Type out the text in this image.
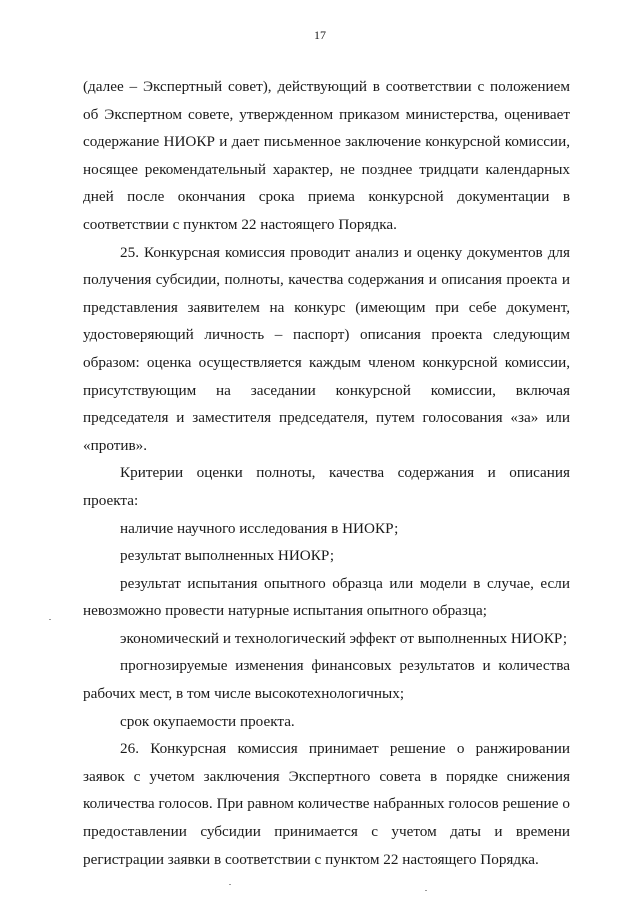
17

(далее – Экспертный совет), действующий в соответствии с положением об Экспертном совете, утвержденном приказом министерства, оценивает содержание НИОКР и дает письменное заключение конкурсной комиссии, носящее рекомендательный характер, не позднее тридцати календарных дней после окончания срока приема конкурсной документации в соответствии с пунктом 22 настоящего Порядка.

25. Конкурсная комиссия проводит анализ и оценку документов для получения субсидии, полноты, качества содержания и описания проекта и представления заявителем на конкурс (имеющим при себе документ, удостоверяющий личность – паспорт) описания проекта следующим образом: оценка осуществляется каждым членом конкурсной комиссии, присутствующим на заседании конкурсной комиссии, включая председателя и заместителя председателя, путем голосования «за» или «против».

Критерии оценки полноты, качества содержания и описания проекта:

наличие научного исследования в НИОКР;

результат выполненных НИОКР;

результат испытания опытного образца или модели в случае, если невозможно провести натурные испытания опытного образца;

экономический и технологический эффект от выполненных НИОКР;

прогнозируемые изменения финансовых результатов и количества рабочих мест, в том числе высокотехнологичных;

срок окупаемости проекта.

26. Конкурсная комиссия принимает решение о ранжировании заявок с учетом заключения Экспертного совета в порядке снижения количества голосов. При равном количестве набранных голосов решение о предоставлении субсидии принимается с учетом даты и времени регистрации заявки в соответствии с пунктом 22 настоящего Порядка.
